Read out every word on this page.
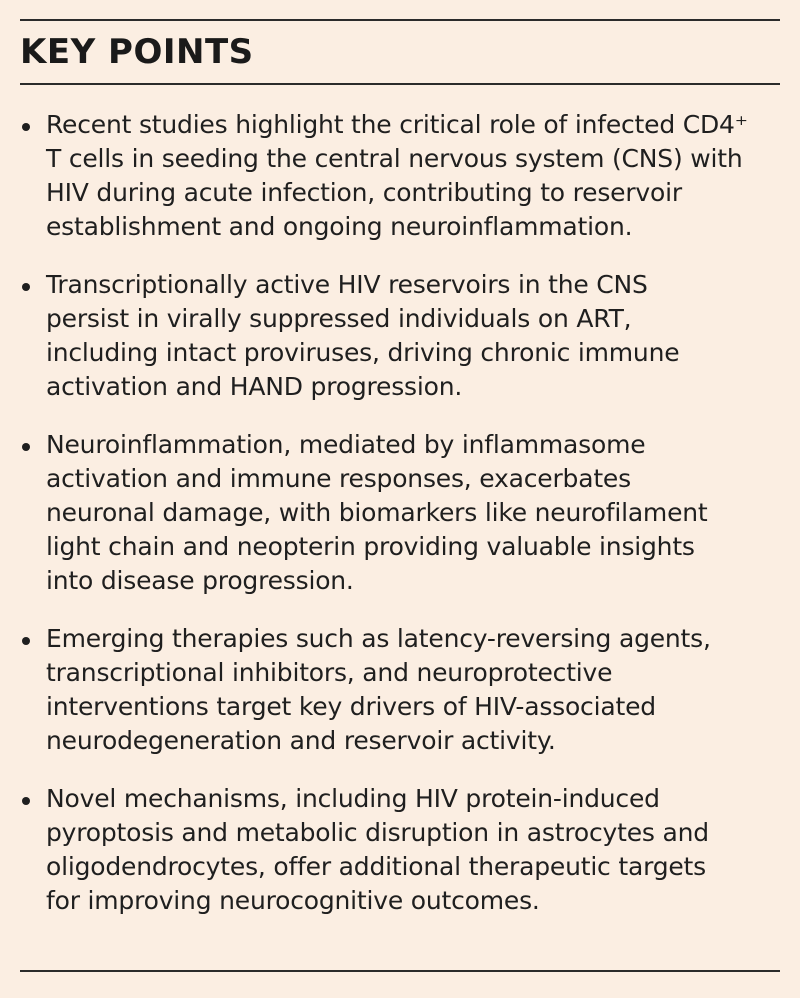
KEY POINTS
Recent studies highlight the critical role of infected CD4⁺
T cells in seeding the central nervous system (CNS) with
HIV during acute infection, contributing to reservoir
establishment and ongoing neuroinflammation.
Transcriptionally active HIV reservoirs in the CNS
persist in virally suppressed individuals on ART,
including intact proviruses, driving chronic immune
activation and HAND progression.
Neuroinflammation, mediated by inflammasome
activation and immune responses, exacerbates
neuronal damage, with biomarkers like neurofilament
light chain and neopterin providing valuable insights
into disease progression.
Emerging therapies such as latency-reversing agents,
transcriptional inhibitors, and neuroprotective
interventions target key drivers of HIV-associated
neurodegeneration and reservoir activity.
Novel mechanisms, including HIV protein-induced
pyroptosis and metabolic disruption in astrocytes and
oligodendrocytes, offer additional therapeutic targets
for improving neurocognitive outcomes.
